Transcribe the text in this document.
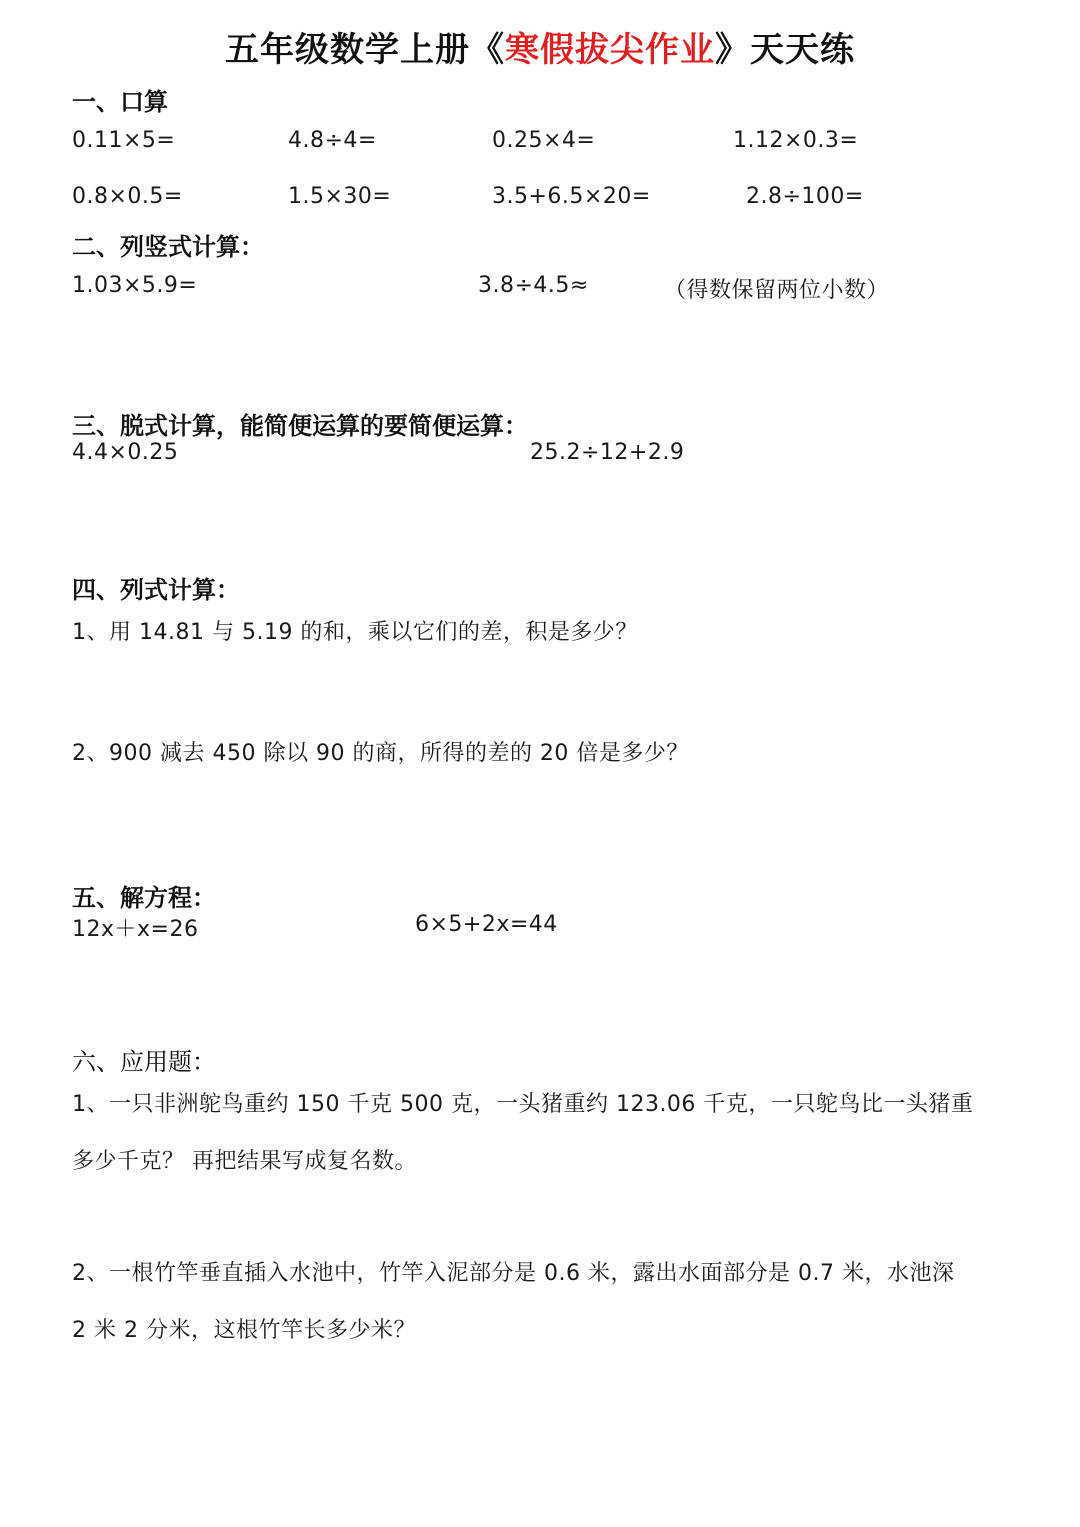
五年级数学上册《寒假拔尖作业》天天练
一、口算
0.11×5=	4.8÷4=	0.25×4=	1.12×0.3=
0.8×0.5=	1.5×30=	3.5+6.5×20=	2.8÷100=
二、列竖式计算：
1.03×5.9=	3.8÷4.5≈	（得数保留两位小数）
三、脱式计算，能简便运算的要简便运算：
4.4×0.25	25.2÷12+2.9
四、列式计算：
1、用 14.81 与 5.19 的和，乘以它们的差，积是多少？
2、900 减去 450 除以 90 的商，所得的差的 20 倍是多少？
五、解方程：
12x＋x=26	6×5+2x=44
六、应用题：
1、一只非洲鸵鸟重约 150 千克 500 克，一头猪重约 123.06 千克，一只鸵鸟比一头猪重
多少千克？ 再把结果写成复名数。
2、一根竹竿垂直插入水池中，竹竿入泥部分是 0.6 米，露出水面部分是 0.7 米，水池深
2 米 2 分米，这根竹竿长多少米？
